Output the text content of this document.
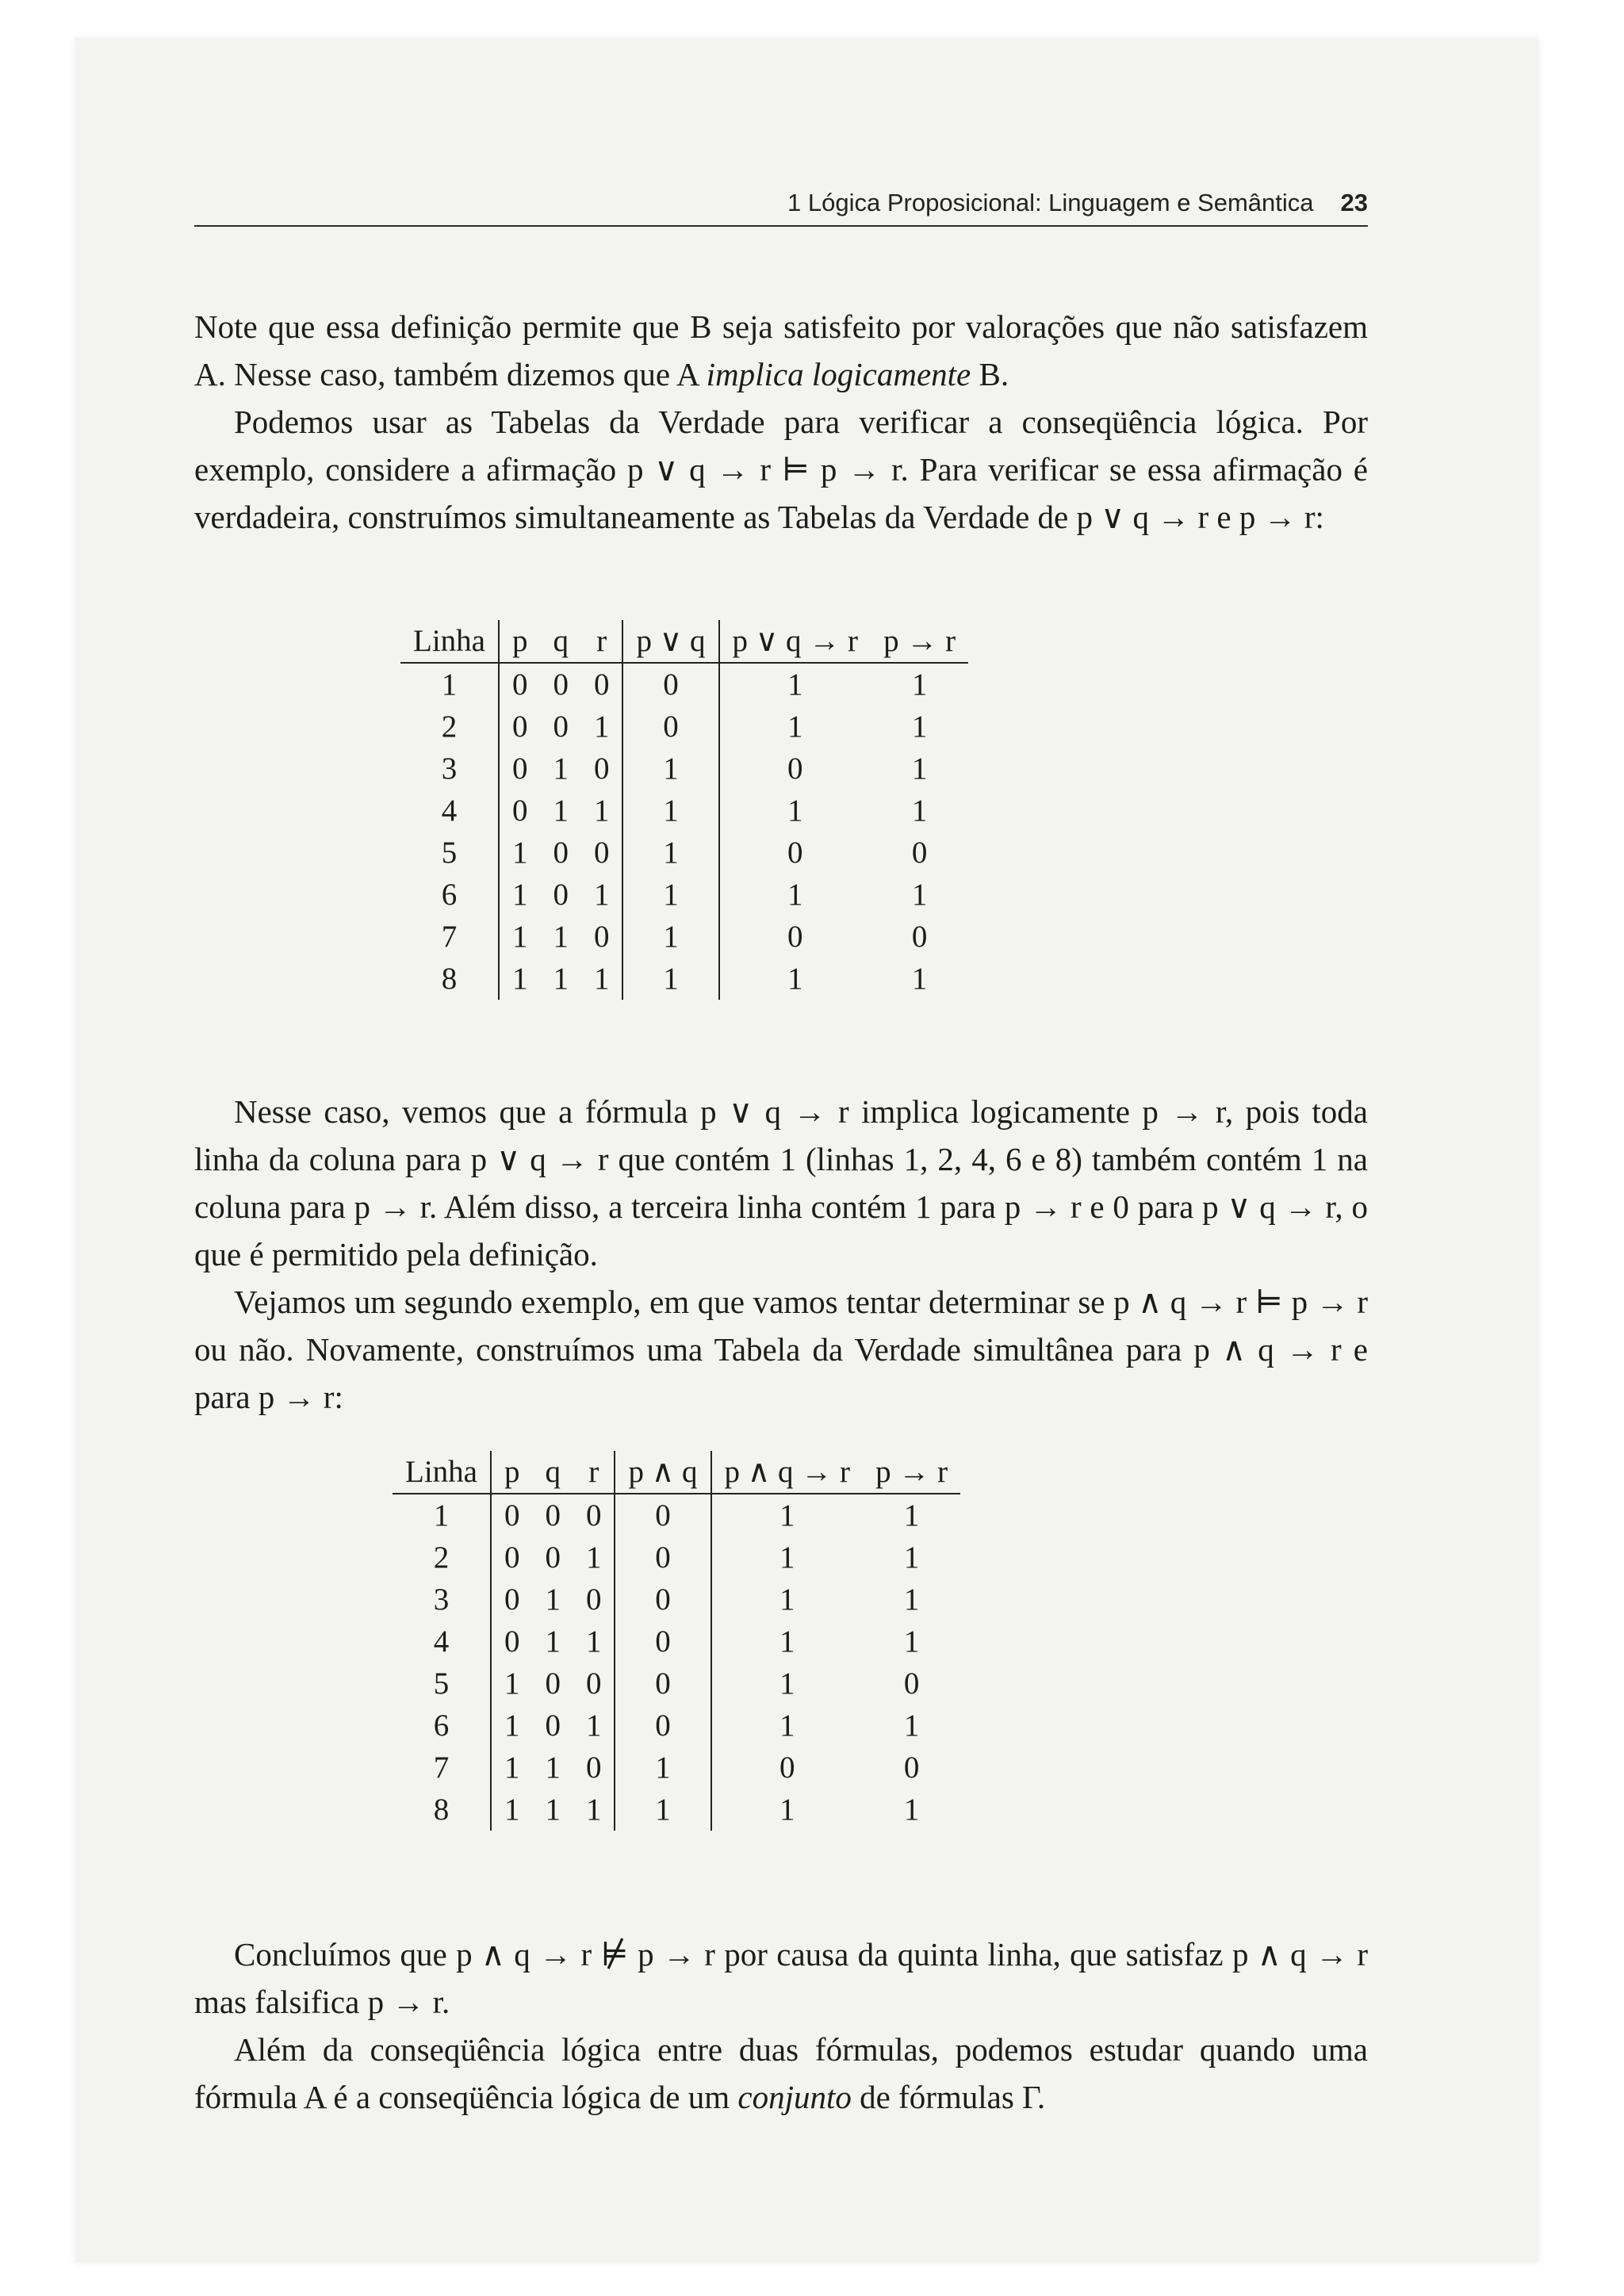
1 Lógica Proposicional: Linguagem e Semântica 23

Note que essa definição permite que B seja satisfeito por valorações que não satisfazem A. Nesse caso, também dizemos que A implica logicamente B.

Podemos usar as Tabelas da Verdade para verificar a conseqüência lógica. Por exemplo, considere a afirmação p ∨ q → r ⊨ p → r. Para verificar se essa afirmação é verdadeira, construímos simultaneamente as Tabelas da Verdade de p ∨ q → r e p → r:

Linha	p	q	r	p ∨ q	p ∨ q → r	p → r
1	0	0	0	0	1	1
2	0	0	1	0	1	1
3	0	1	0	1	0	1
4	0	1	1	1	1	1
5	1	0	0	1	0	0
6	1	0	1	1	1	1
7	1	1	0	1	0	0
8	1	1	1	1	1	1

Nesse caso, vemos que a fórmula p ∨ q → r implica logicamente p → r, pois toda linha da coluna para p ∨ q → r que contém 1 (linhas 1, 2, 4, 6 e 8) também contém 1 na coluna para p → r. Além disso, a terceira linha contém 1 para p → r e 0 para p ∨ q → r, o que é permitido pela definição.

Vejamos um segundo exemplo, em que vamos tentar determinar se p ∧ q → r ⊨ p → r ou não. Novamente, construímos uma Tabela da Verdade simultânea para p ∧ q → r e para p → r:

Linha	p	q	r	p ∧ q	p ∧ q → r	p → r
1	0	0	0	0	1	1
2	0	0	1	0	1	1
3	0	1	0	0	1	1
4	0	1	1	0	1	1
5	1	0	0	0	1	0
6	1	0	1	0	1	1
7	1	1	0	1	0	0
8	1	1	1	1	1	1

Concluímos que p ∧ q → r ⊭ p → r por causa da quinta linha, que satisfaz p ∧ q → r mas falsifica p → r.

Além da conseqüência lógica entre duas fórmulas, podemos estudar quando uma fórmula A é a conseqüência lógica de um conjunto de fórmulas Γ.
